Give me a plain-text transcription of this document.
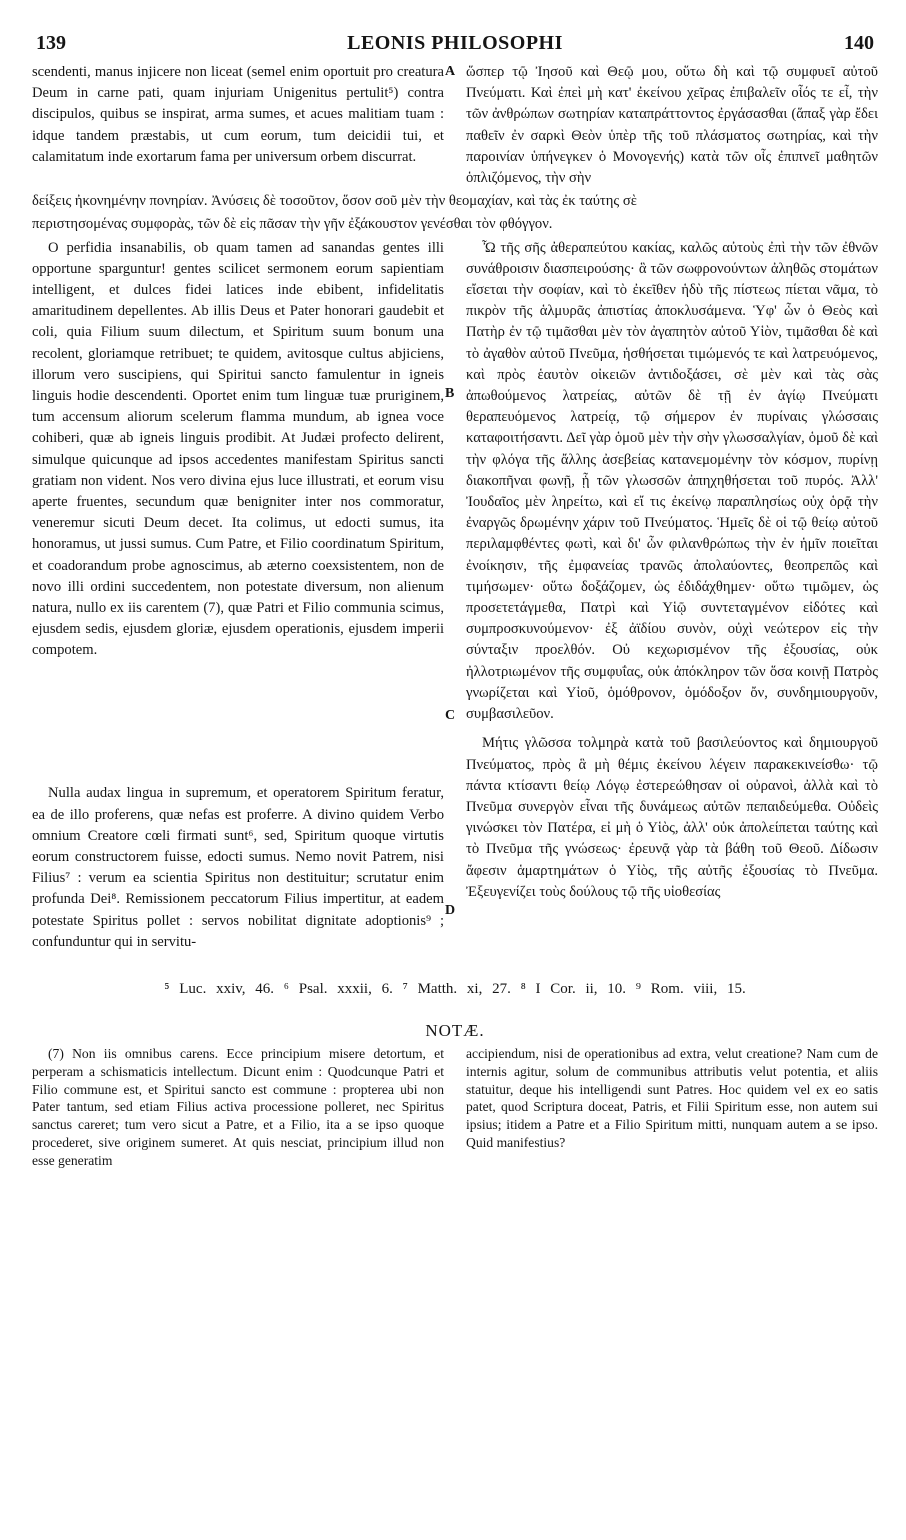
139	LEONIS PHILOSOPHI	140
A

scendenti, manus injicere non liceat (semel enim oportuit pro creatura Deum in carne pati, quam injuriam Unigenitus pertulit⁵) contra discipulos, quibus se inspirat, arma sumes, et acues malitiam tuam : idque tandem præstabis, ut cum eorum, tum deicidii tui, et calamitatum inde exortarum fama per universum orbem discurrat.

ὥσπερ τῷ Ἰησοῦ καὶ Θεῷ μου, οὕτω δὴ καὶ τῷ συμφυεῖ αὐτοῦ Πνεύματι. Καὶ ἐπεὶ μὴ κατ' ἐκείνου χεῖρας ἐπιβαλεῖν οἷός τε εἶ, τὴν τῶν ἀνθρώπων σωτηρίαν καταπράττοντος ἐργάσασθαι (ἅπαξ γὰρ ἔδει παθεῖν ἐν σαρκὶ Θεὸν ὑπὲρ τῆς τοῦ πλάσματος σωτηρίας, καὶ τὴν παροινίαν ὑπήνεγκεν ὁ Μονογενής) κατὰ τῶν οἷς ἐπιπνεῖ μαθητῶν ὁπλιζόμενος, τὴν σὴν

δείξεις ἠκονημένην πονηρίαν. Ἀνύσεις δὲ τοσοῦτον, ὅσον σοῦ μὲν τὴν θεομαχίαν, καὶ τὰς ἐκ ταύτης σὲ
περιστησομένας συμφορὰς, τῶν δὲ εἰς πᾶσαν τὴν γῆν ἐξάκουστον γενέσθαι τὸν φθόγγον.
B
C

O perfidia insanabilis, ob quam tamen ad sanandas gentes illi opportune sparguntur! gentes scilicet sermonem eorum sapientiam intelligent, et dulces fidei latices inde ebibent, infidelitatis amaritudinem depellentes. Ab illis Deus et Pater honorari gaudebit et coli, quia Filium suum dilectum, et Spiritum suum bonum una recolent, gloriamque retribuet; te quidem, avitosque cultus abjiciens, illorum vero suscipiens, qui Spiritui sancto famulentur in igneis linguis hodie descendenti. Oportet enim tum linguæ tuæ pruriginem, tum accensum aliorum scelerum flamma mundum, ab ignea voce cohiberi, quæ ab igneis linguis prodibit. At Judæi profecto delirent, simulque quicunque ad ipsos accedentes manifestam Spiritus sancti gratiam non vident. Nos vero divina ejus luce illustrati, et eorum visu aperte fruentes, secundum quæ benigniter inter nos commoratur, veneremur sicuti Deum decet. Ita colimus, ut edocti sumus, ita honoramus, ut jussi sumus. Cum Patre, et Filio coordinatum Spiritum, et coadorandum probe agnoscimus, ab æterno coexsistentem, non de novo illi ordini succedentem, non potestate diversum, non alienum natura, nullo ex iis carentem (7), quæ Patri et Filio communia scimus, ejusdem sedis, ejusdem gloriæ, ejusdem operationis, ejusdem imperii compotem.

Ὦ τῆς σῆς ἀθεραπεύτου κακίας, καλῶς αὐτοὺς ἐπὶ τὴν τῶν ἐθνῶν συνάθροισιν διασπειρούσης· ἃ τῶν σωφρονούντων ἀληθῶς στομάτων εἴσεται τὴν σοφίαν, καὶ τὸ ἐκεῖθεν ἡδὺ τῆς πίστεως πίεται νᾶμα, τὸ πικρὸν τῆς ἁλμυρᾶς ἀπιστίας ἀποκλυσάμενα. Ὑφ' ὧν ὁ Θεὸς καὶ Πατὴρ ἐν τῷ τιμᾶσθαι μὲν τὸν ἀγαπητὸν αὐτοῦ Υἱὸν, τιμᾶσθαι δὲ καὶ τὸ ἀγαθὸν αὐτοῦ Πνεῦμα, ἡσθήσεται τιμώμενός τε καὶ λατρευόμενος, καὶ πρὸς ἑαυτὸν οἰκειῶν ἀντιδοξάσει, σὲ μὲν καὶ τὰς σὰς ἀπωθούμενος λατρείας, αὐτῶν δὲ τῇ ἐν ἁγίῳ Πνεύματι θεραπευόμενος λατρείᾳ, τῷ σήμερον ἐν πυρίναις γλώσσαις καταφοιτήσαντι. Δεῖ γὰρ ὁμοῦ μὲν τὴν σὴν γλωσσαλγίαν, ὁμοῦ δὲ καὶ τὴν φλόγα τῆς ἄλλης ἀσεβείας κατανεμομένην τὸν κόσμον, πυρίνῃ διακοπῆναι φωνῇ, ᾗ τῶν γλωσσῶν ἀπηχηθήσεται τοῦ πυρός. Ἀλλ' Ἰουδαῖος μὲν ληρείτω, καὶ εἴ τις ἐκείνῳ παραπλησίως οὐχ ὁρᾷ τὴν ἐναργῶς δρωμένην χάριν τοῦ Πνεύματος. Ἡμεῖς δὲ οἱ τῷ θείῳ αὐτοῦ περιλαμφθέντες φωτὶ, καὶ δι' ὧν φιλανθρώπως τὴν ἐν ἡμῖν ποιεῖται ἐνοίκησιν, τῆς ἐμφανείας τρανῶς ἀπολαύοντες, θεοπρεπῶς καὶ τιμήσωμεν· οὕτω δοξάζομεν, ὡς ἐδιδάχθημεν· οὕτω τιμῶμεν, ὡς προσετετάγμεθα, Πατρὶ καὶ Υἱῷ συντεταγμένον εἰδότες καὶ συμπροσκυνούμενον· ἐξ ἀϊδίου συνὸν, οὐχὶ νεώτερον εἰς τὴν σύνταξιν προελθόν. Οὐ κεχωρισμένον τῆς ἐξουσίας, οὐκ ἠλλοτριωμένον τῆς συμφυΐας, οὐκ ἀπόκληρον τῶν ὅσα κοινῇ Πατρὸς γνωρίζεται καὶ Υἱοῦ, ὁμόθρονον, ὁμόδοξον ὄν, συνδημιουργοῦν, συμβασιλεῦον.

D

Nulla audax lingua in supremum, et operatorem Spiritum feratur, ea de illo proferens, quæ nefas est proferre. A divino quidem Verbo omnium Creatore cœli firmati sunt⁶, sed, Spiritum quoque virtutis eorum constructorem fuisse, edocti sumus. Nemo novit Patrem, nisi Filius⁷ : verum ea scientia Spiritus non destituitur; scrutatur enim profunda Dei⁸. Remissionem peccatorum Filius impertitur, at eadem potestate Spiritus pollet : servos nobilitat dignitate adoptionis⁹ ; confunduntur qui in servitu-

Μήτις γλῶσσα τολμηρὰ κατὰ τοῦ βασιλεύοντος καὶ δημιουργοῦ Πνεύματος, πρὸς ἃ μὴ θέμις ἐκείνου λέγειν παρακεκινείσθω· τῷ πάντα κτίσαντι θείῳ Λόγῳ ἐστερεώθησαν οἱ οὐρανοὶ, ἀλλὰ καὶ τὸ Πνεῦμα συνεργὸν εἶναι τῆς δυνάμεως αὐτῶν πεπαιδεύμεθα. Οὐδεὶς γινώσκει τὸν Πατέρα, εἰ μὴ ὁ Υἱὸς, ἀλλ' οὐκ ἀπολείπεται ταύτης καὶ τὸ Πνεῦμα τῆς γνώσεως· ἐρευνᾷ γὰρ τὰ βάθη τοῦ Θεοῦ. Δίδωσιν ἄφεσιν ἁμαρτημάτων ὁ Υἱὸς, τῆς αὐτῆς ἐξουσίας τὸ Πνεῦμα. Ἐξευγενίζει τοὺς δούλους τῷ τῆς υἱοθεσίας

⁵ Luc. xxiv, 46. ⁶ Psal. xxxii, 6. ⁷ Matth. xi, 27. ⁸ I Cor. ii, 10. ⁹ Rom. viii, 15.
NOTÆ.

(7) Non iis omnibus carens. Ecce principium misere detortum, et perperam a schismaticis intellectum. Dicunt enim : Quodcunque Patri et Filio commune est, et Spiritui sancto est commune : propterea ubi non Pater tantum, sed etiam Filius activa processione polleret, nec Spiritus sanctus careret; tum vero sicut a Patre, et a Filio, ita a se ipso quoque procederet, sive originem sumeret. At quis nesciat, principium illud non esse generatim

accipiendum, nisi de operationibus ad extra, velut creatione? Nam cum de internis agitur, solum de communibus attributis velut potentia, et aliis statuitur, deque his intelligendi sunt Patres. Hoc quidem vel ex eo satis patet, quod Scriptura doceat, Patris, et Filii Spiritum esse, non autem sui ipsius; itidem a Patre et a Filio Spiritum mitti, nunquam autem a se ipso. Quid manifestius?
